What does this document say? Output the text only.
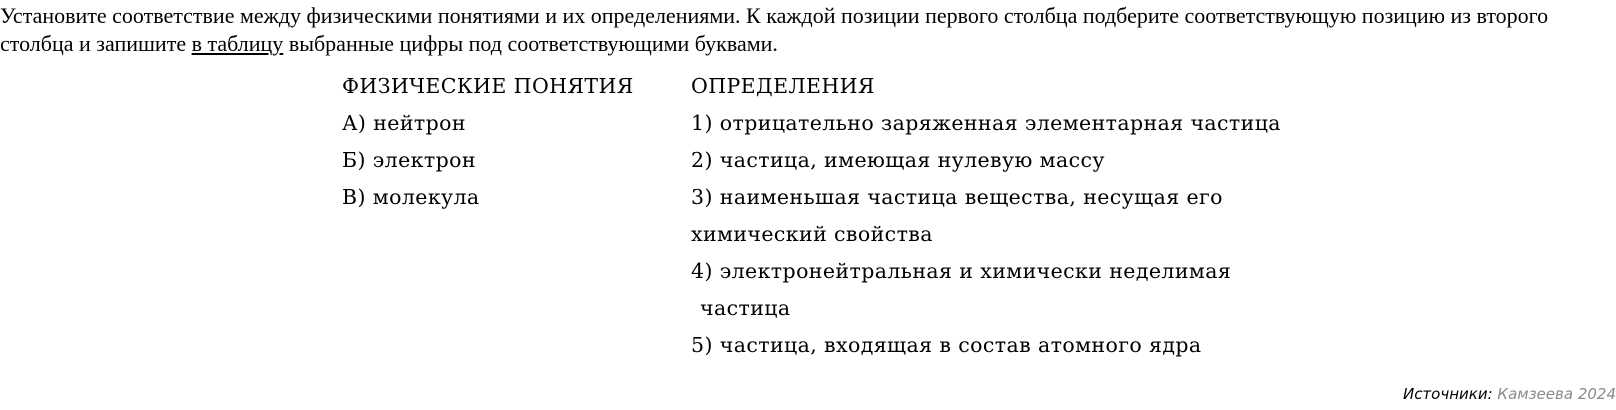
Установите соответствие между физическими понятиями и их определениями. К каждой позиции первого столбца подберите соответствующую позицию из второго столбца и запишите в таблицу выбранные цифры под соответствующими буквами.

ФИЗИЧЕСКИЕ ПОНЯТИЯ
А) нейтрон
Б) электрон
В) молекула
ОПРЕДЕЛЕНИЯ
1) отрицательно заряженная элементарная частица
2) частица, имеющая нулевую массу
3) наименьшая частица вещества, несущая его
химический свойства
4) электронейтральная и химически неделимая
частица
5) частица, входящая в состав атомного ядра
Источники: Камзеева 2024
